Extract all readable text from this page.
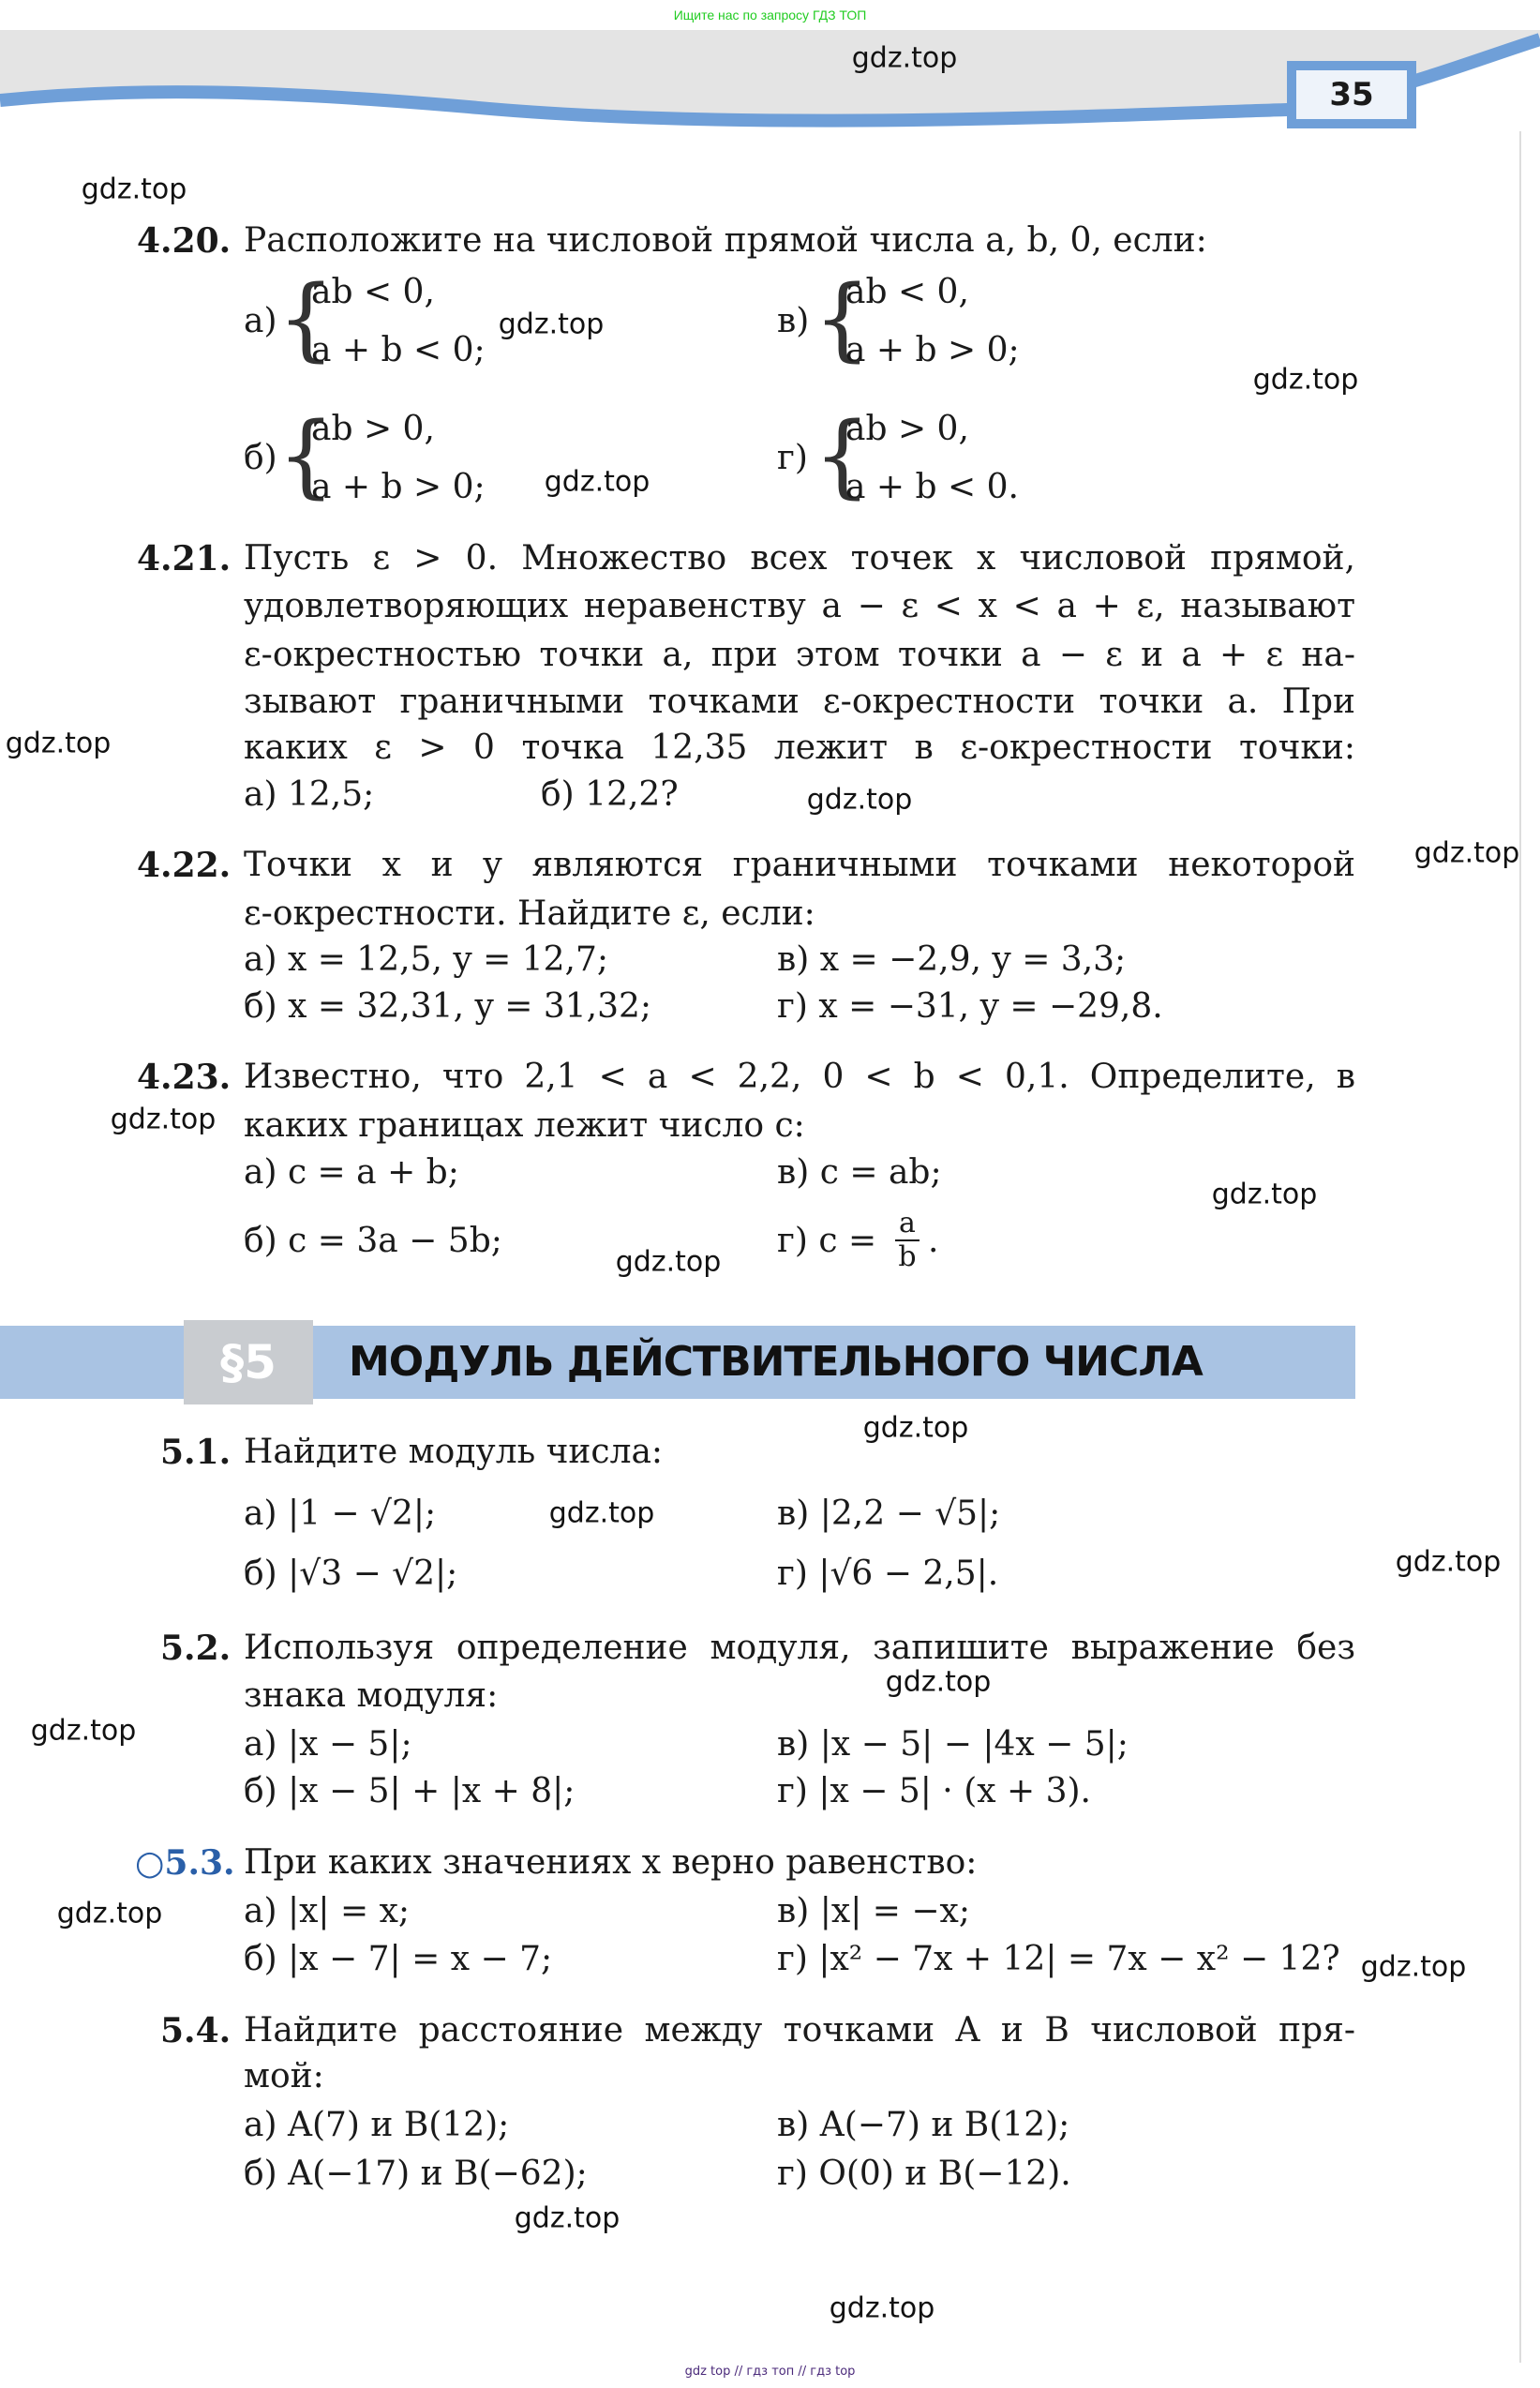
Ищите нас по запросу ГДЗ ТОП
35
4.20. Расположите на числовой прямой числа a, b, 0, если:
а) {
ab < 0,
a + b < 0;
в) {
ab < 0,
a + b > 0;
б) {
ab > 0,
a + b > 0;
г) {
ab > 0,
a + b < 0.
4.21. Пусть ε > 0. Множество всех точек x числовой прямой,
удовлетворяющих неравенству a − ε < x < a + ε, называют
ε-окрестностью точки a, при этом точки a − ε и a + ε на-
зывают граничными точками ε-окрестности точки a. При
каких ε > 0 точка 12,35 лежит в ε-окрестности точки:
а) 12,5;	б) 12,2?
4.22. Точки x и y являются граничными точками некоторой
ε-окрестности. Найдите ε, если:
а) x = 12,5, y = 12,7;	в) x = −2,9, y = 3,3;
б) x = 32,31, y = 31,32;	г) x = −31, y = −29,8.
4.23. Известно, что 2,1 < a < 2,2, 0 < b < 0,1. Определите, в
каких границах лежит число c:
а) c = a + b;	в) c = ab;
б) c = 3a − 5b;	г) $c = \frac{a}{b}$ .
§5	МОДУЛЬ ДЕЙСТВИТЕЛЬНОГО ЧИСЛА
5.1. Найдите модуль числа:
а) |1 − √2|;	в) |2,2 − √5|;
б) |√3 − √2|;	г) |√6 − 2,5|.
5.2. Используя определение модуля, запишите выражение без
знака модуля:
а) |x − 5|;	в) |x − 5| − |4x − 5|;
б) |x − 5| + |x + 8|;	г) |x − 5| · (x + 3).
○5.3. При каких значениях x верно равенство:
а) |x| = x;	в) |x| = −x;
б) |x − 7| = x − 7;	г) |x² − 7x + 12| = 7x − x² − 12?
5.4. Найдите расстояние между точками A и B числовой пря-
мой:
а) A(7) и B(12);	в) A(−7) и B(12);
б) A(−17) и B(−62);	г) O(0) и B(−12).
gdz.top
gdz.top
gdz.top
gdz.top
gdz.top
gdz.top
gdz.top
gdz.top
gdz.top
gdz.top
gdz.top
gdz.top
gdz.top
gdz.top
gdz.top
gdz.top
gdz.top
gdz.top
gdz.top
gdz.top
gdz top // гдз топ // гдз top
